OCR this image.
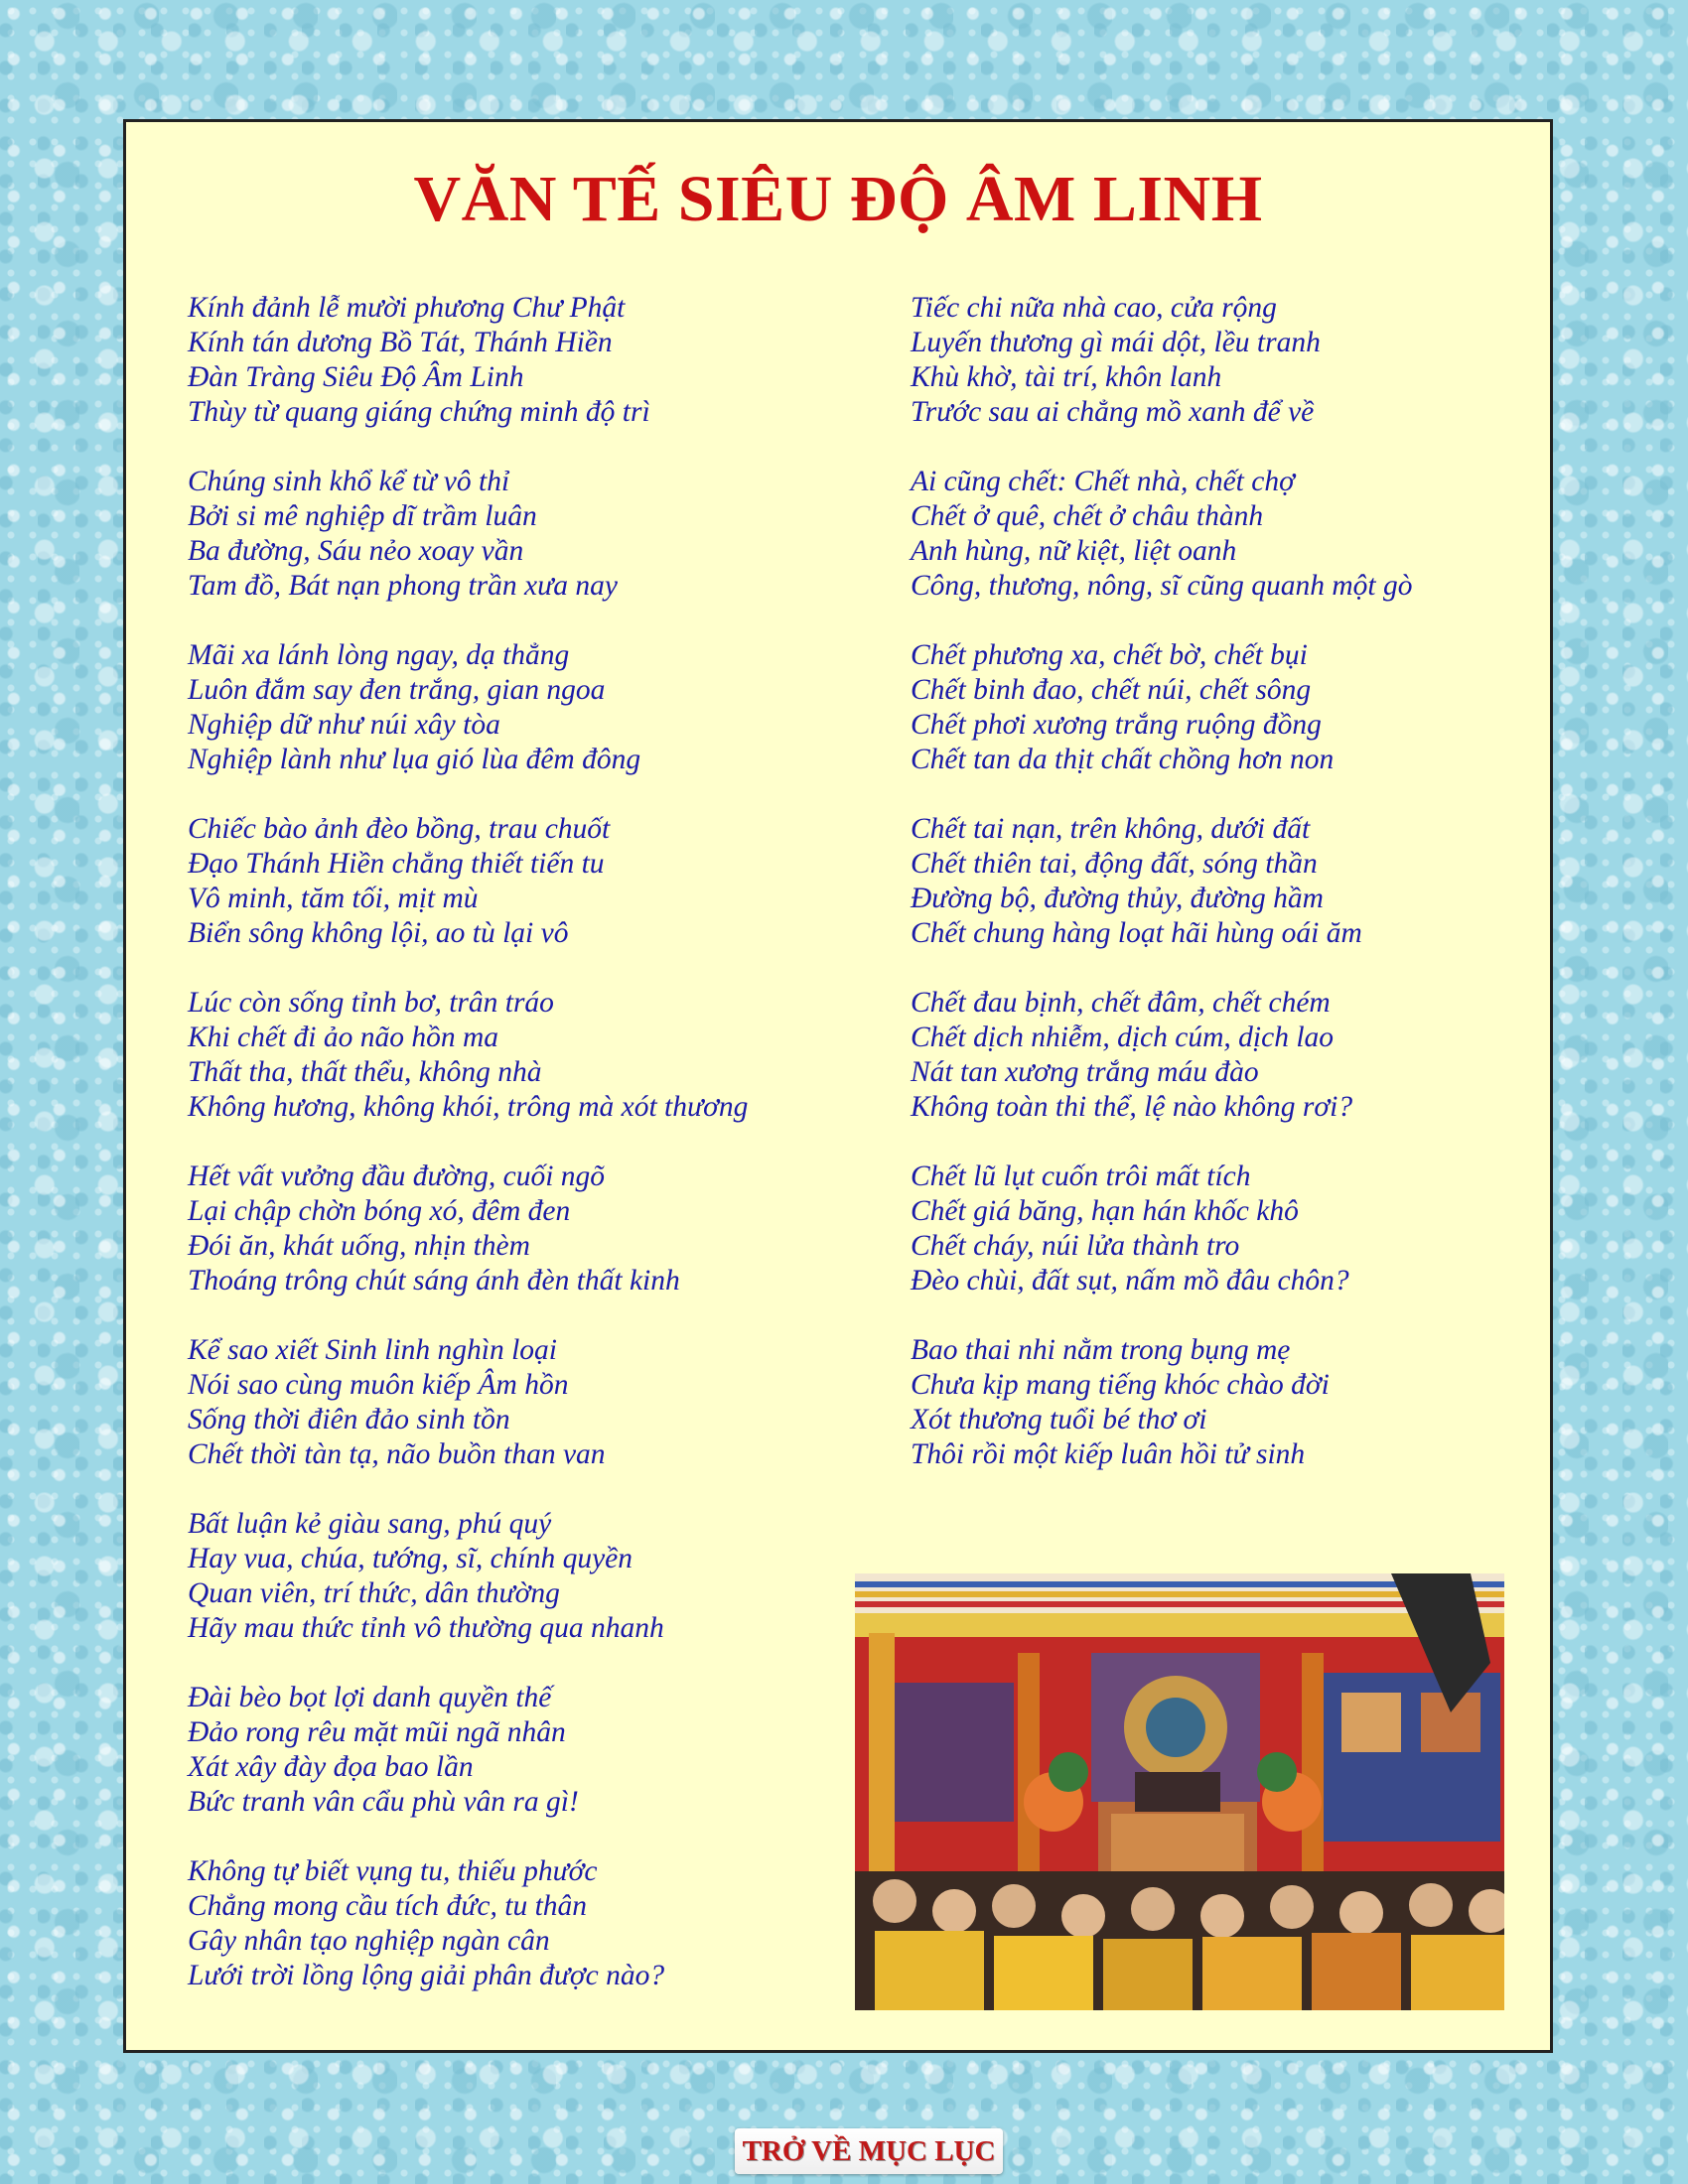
VĂN TẾ SIÊU ĐỘ ÂM LINH
Kính đảnh lễ mười phương Chư Phật
Kính tán dương Bồ Tát, Thánh Hiền
Đàn Tràng Siêu Độ Âm Linh
Thùy từ quang giáng chứng minh độ trì
Chúng sinh khổ kể từ vô thỉ
Bởi si mê nghiệp dĩ trầm luân
Ba đường, Sáu nẻo xoay vần
Tam đồ, Bát nạn phong trần xưa nay
Mãi xa lánh lòng ngay, dạ thẳng
Luôn đắm say đen trắng, gian ngoa
Nghiệp dữ như núi xây tòa
Nghiệp lành như lụa gió lùa đêm đông
Chiếc bào ảnh đèo bồng, trau chuốt
Đạo Thánh Hiền chẳng thiết tiến tu
Vô minh, tăm tối, mịt mù
Biển sông không lội, ao tù lại vô
Lúc còn sống tỉnh bơ, trân tráo
Khi chết đi ảo não hồn ma
Thất tha, thất thểu, không nhà
Không hương, không khói, trông mà xót thương
Hết vất vưởng đầu đường, cuối ngõ
Lại chập chờn bóng xó, đêm đen
Đói ăn, khát uống, nhịn thèm
Thoáng trông chút sáng ánh đèn thất kinh
Kể sao xiết Sinh linh nghìn loại
Nói sao cùng muôn kiếp Âm hồn
Sống thời điên đảo sinh tồn
Chết thời tàn tạ, não buồn than van
Bất luận kẻ giàu sang, phú quý
Hay vua, chúa, tướng, sĩ, chính quyền
Quan viên, trí thức, dân thường
Hãy mau thức tỉnh vô thường qua nhanh
Đài bèo bọt lợi danh quyền thế
Đảo rong rêu mặt mũi ngã nhân
Xát xây đày đọa bao lần
Bức tranh vân cẩu phù vân ra gì!
Không tự biết vụng tu, thiếu phước
Chẳng mong cầu tích đức, tu thân
Gây nhân tạo nghiệp ngàn cân
Lưới trời lồng lộng giải phân được nào?
Tiếc chi nữa nhà cao, cửa rộng
Luyến thương gì mái dột, lều tranh
Khù khờ, tài trí, khôn lanh
Trước sau ai chẳng mồ xanh để về
Ai cũng chết: Chết nhà, chết chợ
Chết ở quê, chết ở châu thành
Anh hùng, nữ kiệt, liệt oanh
Công, thương, nông, sĩ cũng quanh một gò
Chết phương xa, chết bờ, chết bụi
Chết binh đao, chết núi, chết sông
Chết phơi xương trắng ruộng đồng
Chết tan da thịt chất chồng hơn non
Chết tai nạn, trên không, dưới đất
Chết thiên tai, động đất, sóng thần
Đường bộ, đường thủy, đường hầm
Chết chung hàng loạt hãi hùng oái ăm
Chết đau bịnh, chết đâm, chết chém
Chết dịch nhiễm, dịch cúm, dịch lao
Nát tan xương trắng máu đào
Không toàn thi thể, lệ nào không rơi?
Chết lũ lụt cuốn trôi mất tích
Chết giá băng, hạn hán khốc khô
Chết cháy, núi lửa thành tro
Đèo chùi, đất sụt, nấm mồ đâu chôn?
Bao thai nhi nằm trong bụng mẹ
Chưa kịp mang tiếng khóc chào đời
Xót thương tuổi bé thơ ơi
Thôi rồi một kiếp luân hồi tử sinh
TRỞ VỀ MỤC LỤC
